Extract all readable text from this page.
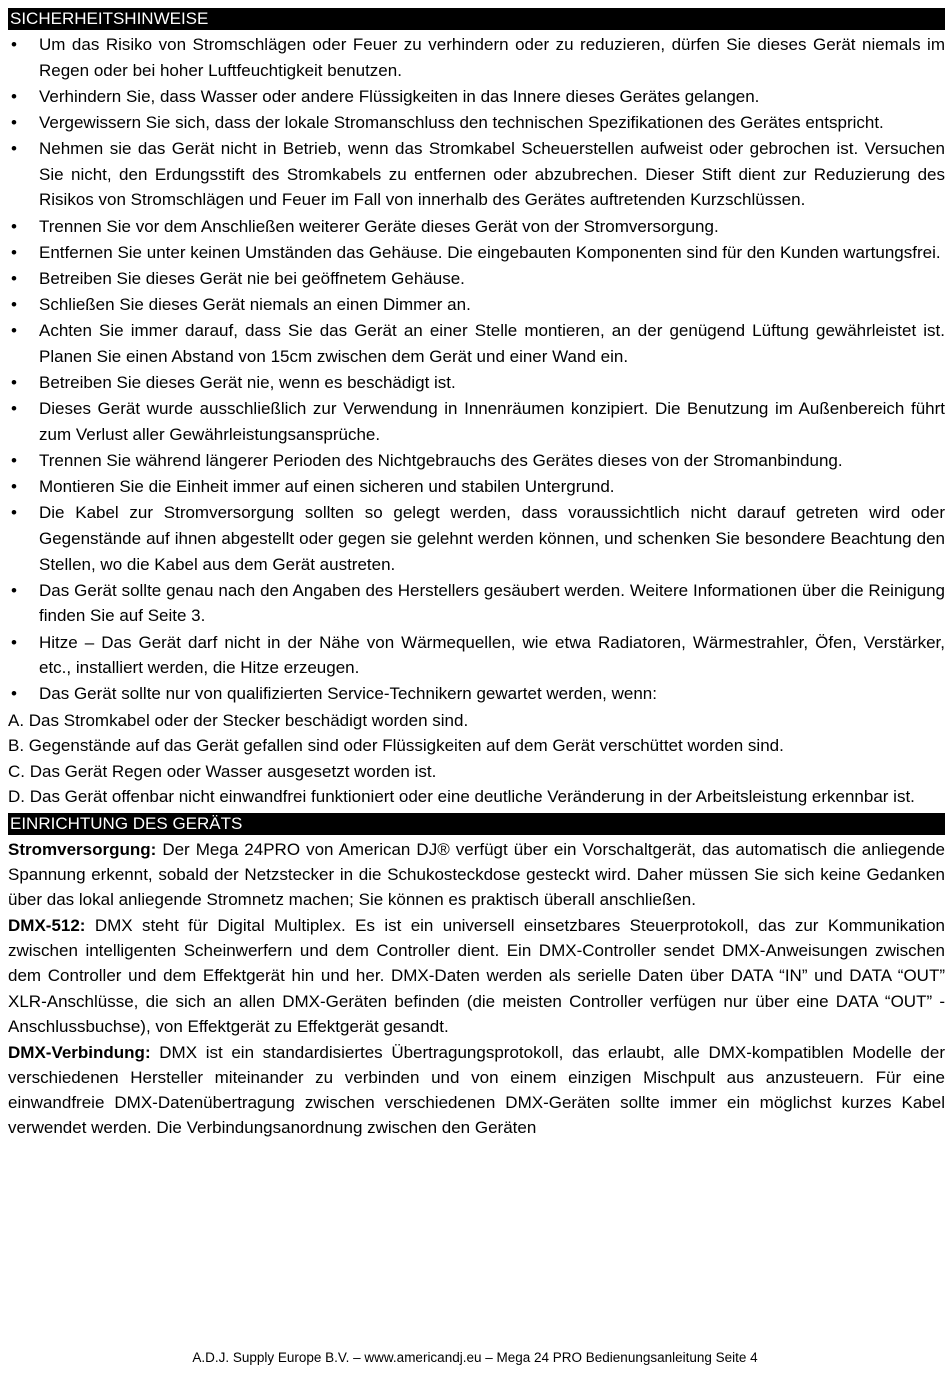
SICHERHEITSHINWEISE
• Um das Risiko von Stromschlägen oder Feuer zu verhindern oder zu reduzieren, dürfen Sie dieses Gerät niemals im Regen oder bei hoher Luftfeuchtigkeit benutzen.
• Verhindern Sie, dass Wasser oder andere Flüssigkeiten in das Innere dieses Gerätes gelangen.
• Vergewissern Sie sich, dass der lokale Stromanschluss den technischen Spezifikationen des Gerätes entspricht.
• Nehmen sie das Gerät nicht in Betrieb, wenn das Stromkabel Scheuerstellen aufweist oder gebrochen ist. Versuchen Sie nicht, den Erdungsstift des Stromkabels zu entfernen oder abzubrechen. Dieser Stift dient zur Reduzierung des Risikos von Stromschlägen und Feuer im Fall von innerhalb des Gerätes auftretenden Kurzschlüssen.
• Trennen Sie vor dem Anschließen weiterer Geräte dieses Gerät von der Stromversorgung.
• Entfernen Sie unter keinen Umständen das Gehäuse. Die eingebauten Komponenten sind für den Kunden wartungsfrei.
• Betreiben Sie dieses Gerät nie bei geöffnetem Gehäuse.
• Schließen Sie dieses Gerät niemals an einen Dimmer an.
• Achten Sie immer darauf, dass Sie das Gerät an einer Stelle montieren, an der genügend Lüftung gewährleistet ist. Planen Sie einen Abstand von 15cm zwischen dem Gerät und einer Wand ein.
• Betreiben Sie dieses Gerät nie, wenn es beschädigt ist.
• Dieses Gerät wurde ausschließlich zur Verwendung in Innenräumen konzipiert. Die Benutzung im Außenbereich führt zum Verlust aller Gewährleistungsansprüche.
• Trennen Sie während längerer Perioden des Nichtgebrauchs des Gerätes dieses von der Stromanbindung.
• Montieren Sie die Einheit immer auf einen sicheren und stabilen Untergrund.
• Die Kabel zur Stromversorgung sollten so gelegt werden, dass voraussichtlich nicht darauf getreten wird oder Gegenstände auf ihnen abgestellt oder gegen sie gelehnt werden können, und schenken Sie besondere Beachtung den Stellen, wo die Kabel aus dem Gerät austreten.
• Das Gerät sollte genau nach den Angaben des Herstellers gesäubert werden. Weitere Informationen über die Reinigung finden Sie auf Seite 3.
• Hitze – Das Gerät darf nicht in der Nähe von Wärmequellen, wie etwa Radiatoren, Wärmestrahler, Öfen, Verstärker, etc., installiert werden, die Hitze erzeugen.
• Das Gerät sollte nur von qualifizierten Service-Technikern gewartet werden, wenn:
A. Das Stromkabel oder der Stecker beschädigt worden sind.
B. Gegenstände auf das Gerät gefallen sind oder Flüssigkeiten auf dem Gerät verschüttet worden sind.
C. Das Gerät Regen oder Wasser ausgesetzt worden ist.
D. Das Gerät offenbar nicht einwandfrei funktioniert oder eine deutliche Veränderung in der Arbeitsleistung erkennbar ist.
EINRICHTUNG DES GERÄTS
Stromversorgung: Der Mega 24PRO von American DJ® verfügt über ein Vorschaltgerät, das automatisch die anliegende Spannung erkennt, sobald der Netzstecker in die Schukosteckdose gesteckt wird. Daher müssen Sie sich keine Gedanken über das lokal anliegende Stromnetz machen; Sie können es praktisch überall anschließen.
DMX-512: DMX steht für Digital Multiplex. Es ist ein universell einsetzbares Steuerprotokoll, das zur Kommunikation zwischen intelligenten Scheinwerfern und dem Controller dient. Ein DMX-Controller sendet DMX-Anweisungen zwischen dem Controller und dem Effektgerät hin und her. DMX-Daten werden als serielle Daten über DATA “IN” und DATA “OUT” XLR-Anschlüsse, die sich an allen DMX-Geräten befinden (die meisten Controller verfügen nur über eine DATA “OUT” - Anschlussbuchse), von Effektgerät zu Effektgerät gesandt.
DMX-Verbindung: DMX ist ein standardisiertes Übertragungsprotokoll, das erlaubt, alle DMX-kompatiblen Modelle der verschiedenen Hersteller miteinander zu verbinden und von einem einzigen Mischpult aus anzusteuern. Für eine einwandfreie DMX-Datenübertragung zwischen verschiedenen DMX-Geräten sollte immer ein möglichst kurzes Kabel verwendet werden. Die Verbindungsanordnung zwischen den Geräten
A.D.J. Supply Europe B.V. – www.americandj.eu – Mega 24 PRO Bedienungsanleitung Seite 4
